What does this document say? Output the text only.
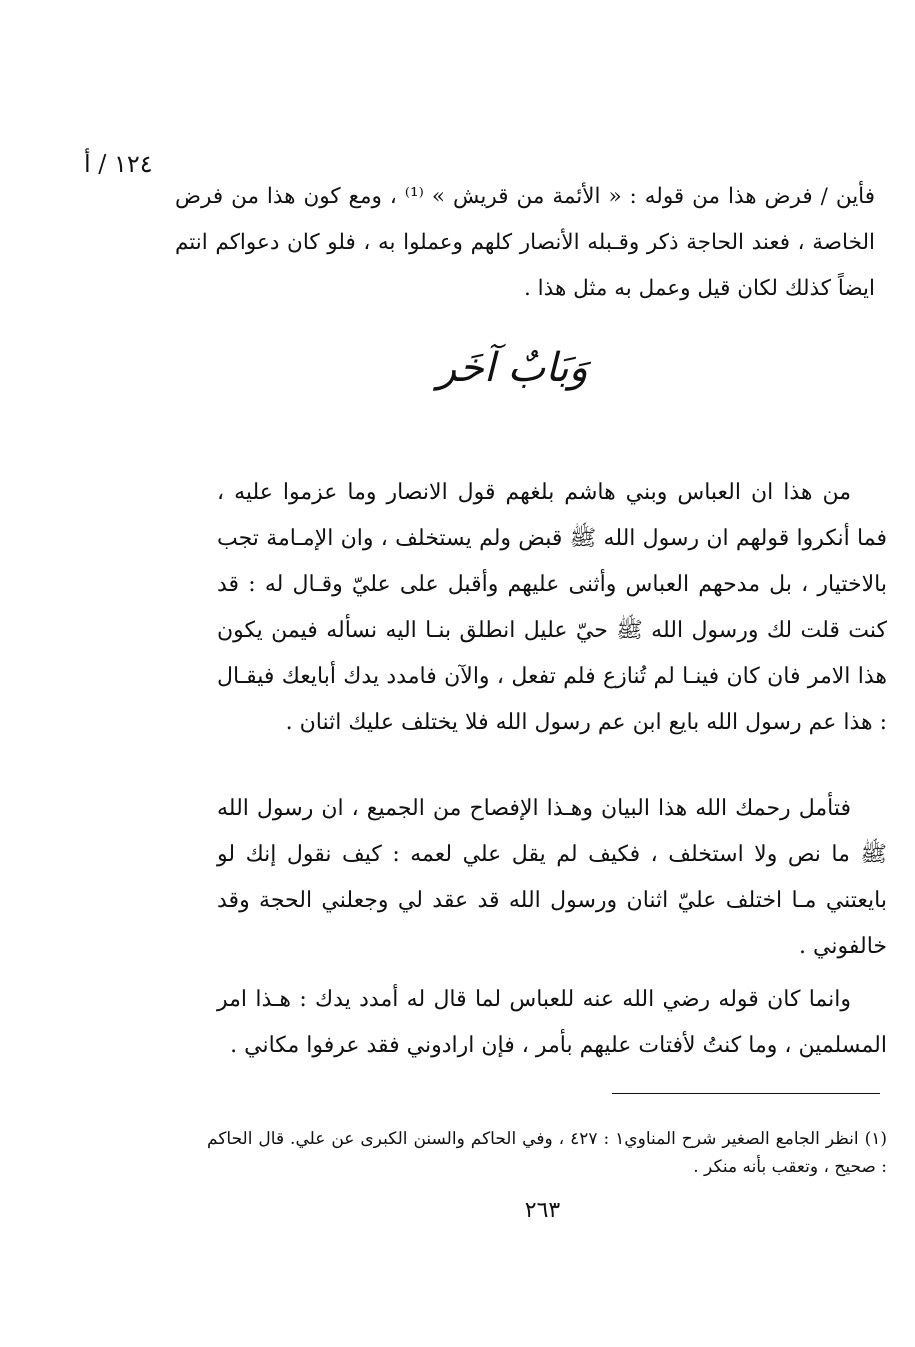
١٢٤ / أ

فأين / فرض هذا من قوله : « الأئمة من قريش » ⁽¹⁾ ، ومع كون هذا من فرض الخاصة ، فعند الحاجة ذكر وقـبله الأنصار كلهم وعملوا به ، فلو كان دعواكم انتم ايضاً كذلك لكان قيل وعمل به مثل هذا .

وَبَابٌ آخَر

من هذا ان العباس وبني هاشم بلغهم قول الانصار وما عزموا عليه ، فما أنكروا قولهم ان رسول الله ﷺ قبض ولم يستخلف ، وان الإمـامة تجب بالاختيار ، بل مدحهم العباس وأثنى عليهم وأقبل على عليّ وقـال له : قد كنت قلت لك ورسول الله ﷺ حيّ عليل انطلق بنـا اليه نسأله فيمن يكون هذا الامر فان كان فينـا لم تُنازع فلم تفعل ، والآن فامدد يدك أبايعك فيقـال : هذا عم رسول الله بايع ابن عم رسول الله فلا يختلف عليك اثنان .

فتأمل رحمك الله هذا البيان وهـذا الإفصاح من الجميع ، ان رسول الله ﷺ ما نص ولا استخلف ، فكيف لم يقل علي لعمه : كيف نقول إنك لو بايعتني مـا اختلف عليّ اثنان ورسول الله قد عقد لي وجعلني الحجة وقد خالفوني .

وانما كان قوله رضي الله عنه للعباس لما قال له أمدد يدك : هـذا امر المسلمين ، وما كنتُ لأفتات عليهم بأمر ، فإن ارادوني فقد عرفوا مكاني .

(١) انظر الجامع الصغير شرح المناوي١ : ٤٢٧ ، وفي الحاكم والسنن الكبرى عن علي. قال الحاكم : صحيح ، وتعقب بأنه منكر .

٢٦٣
